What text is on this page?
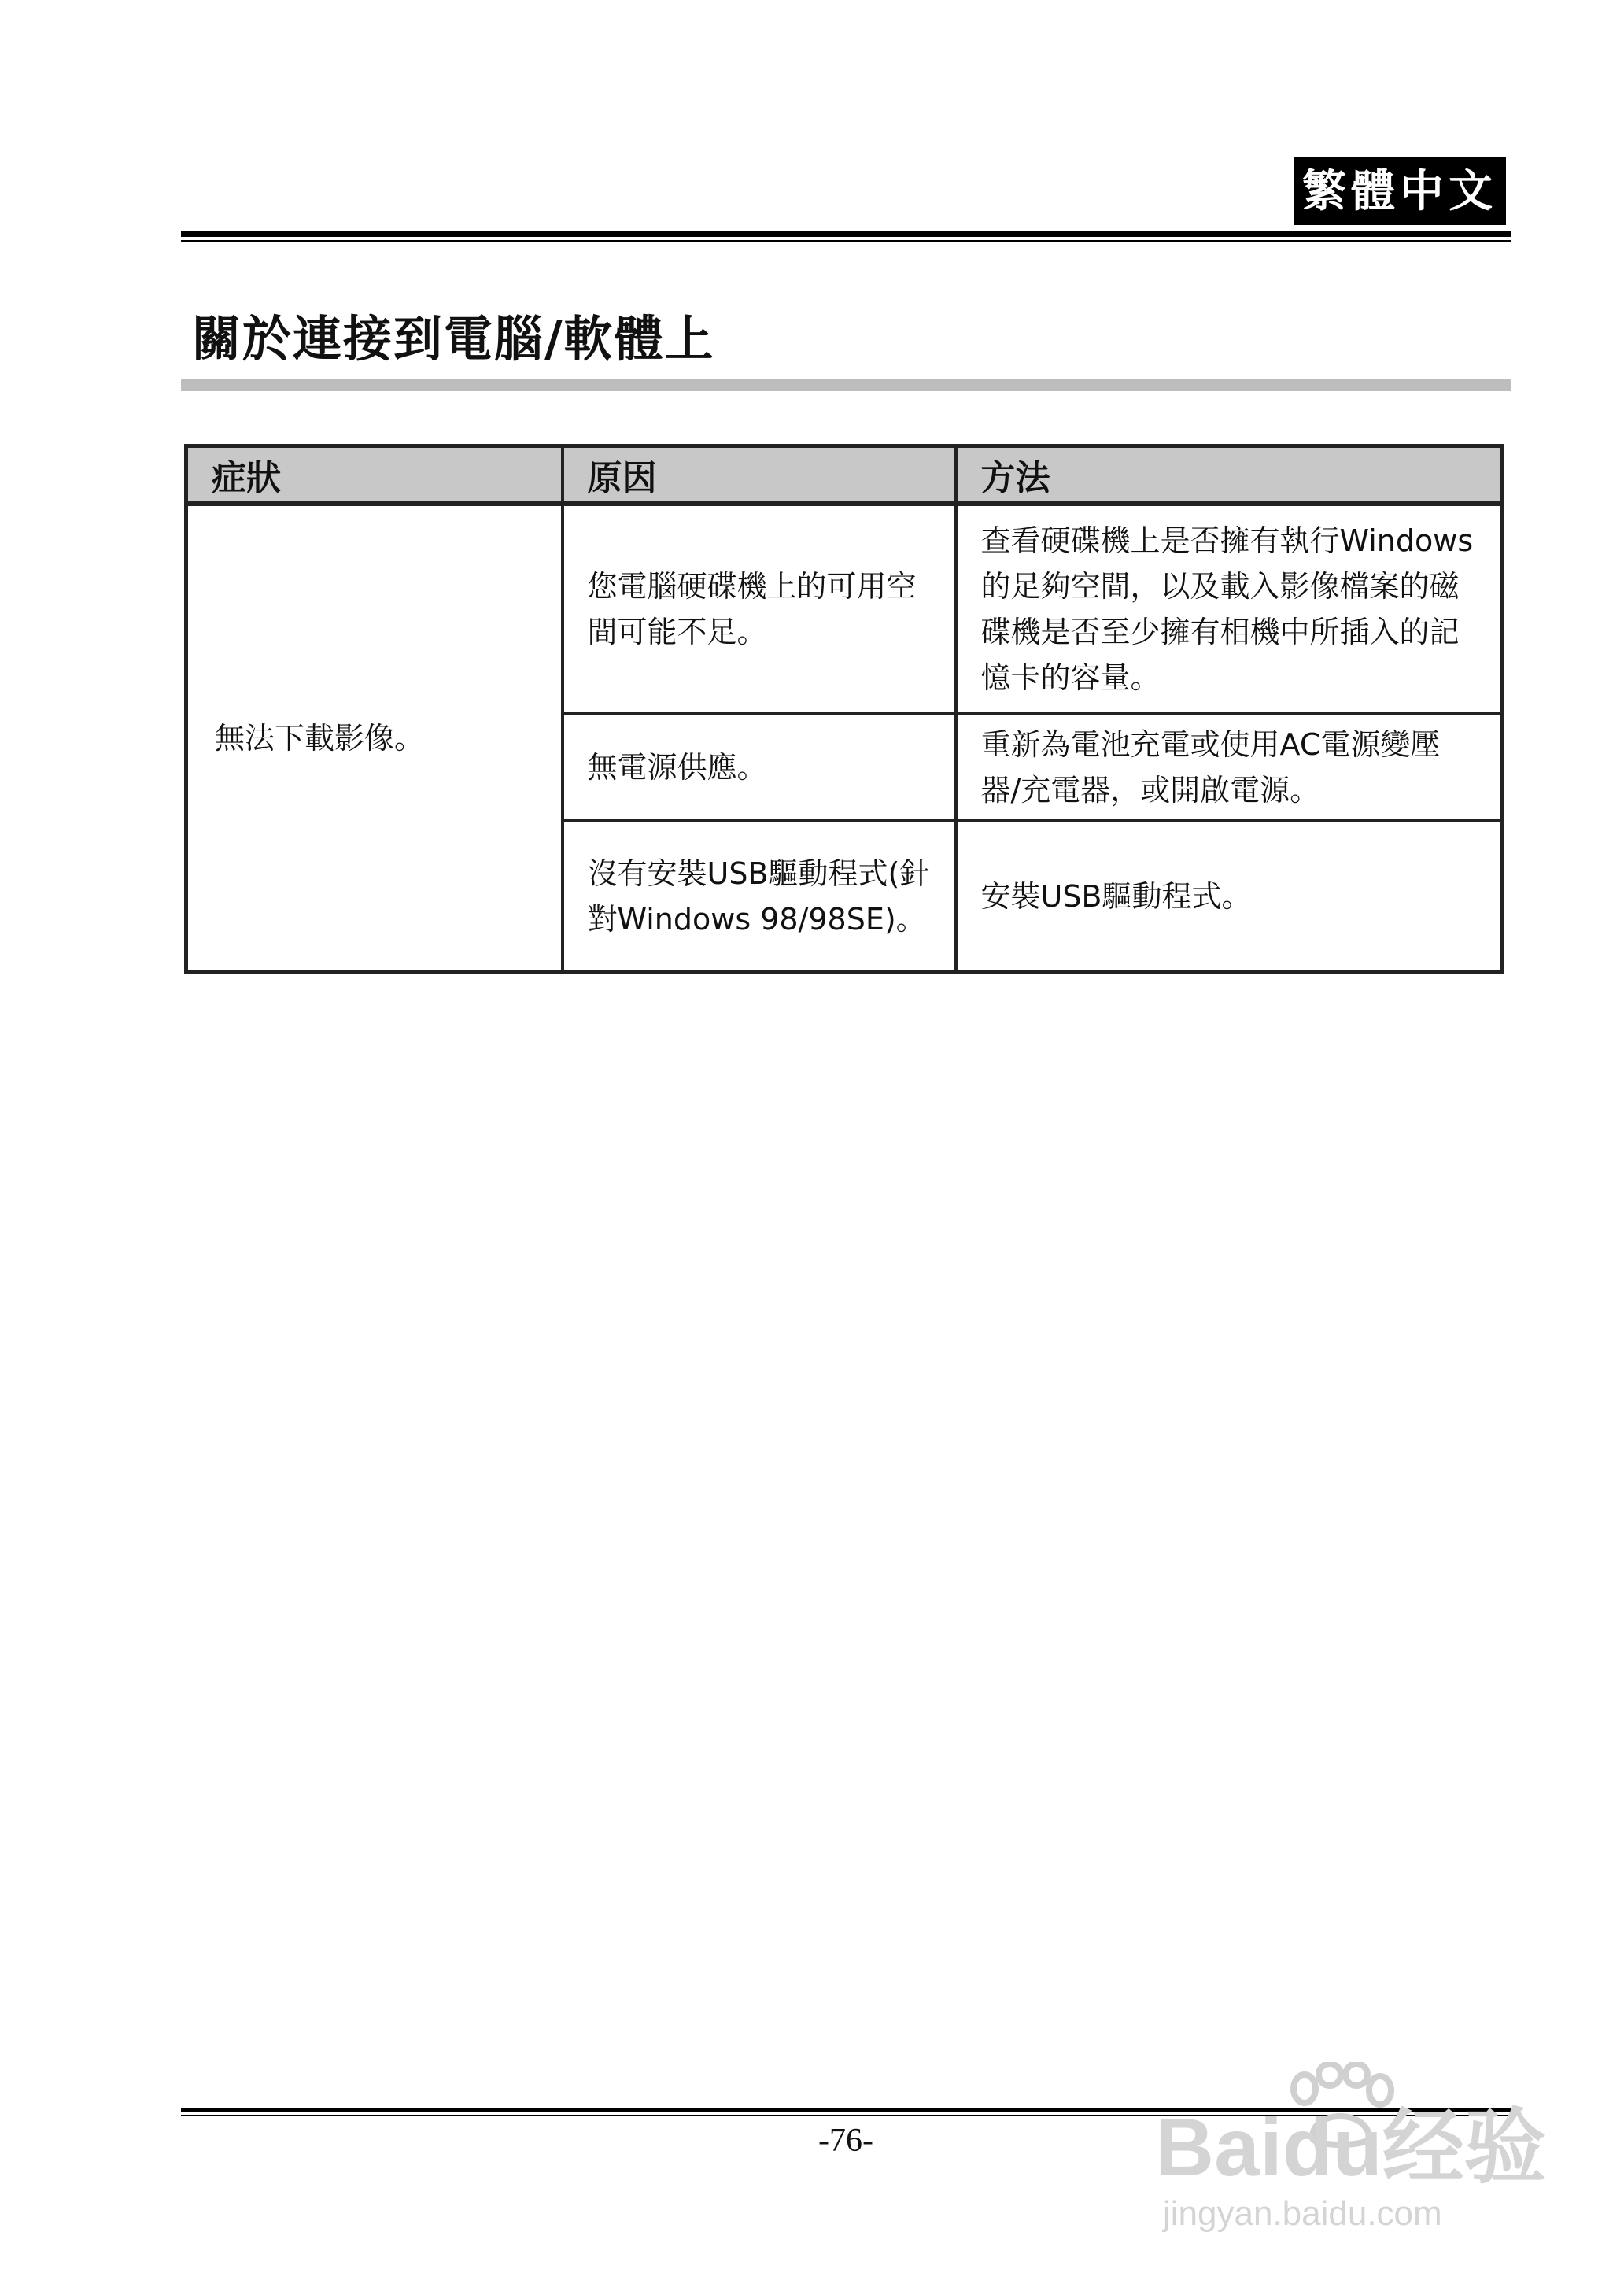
繁體中文
關於連接到電腦/軟體上
症狀	原因	方法
無法下載影像。	您電腦硬碟機上的可用空間可能不足。	查看硬碟機上是否擁有執行Windows的足夠空間，以及載入影像檔案的磁碟機是否至少擁有相機中所插入的記憶卡的容量。
	無電源供應。	重新為電池充電或使用AC電源變壓器/充電器，或開啟電源。
	沒有安裝USB驅動程式(針對Windows 98/98SE)。	安裝USB驅動程式。
-76-	Baidu经验
jingyan.baidu.com
